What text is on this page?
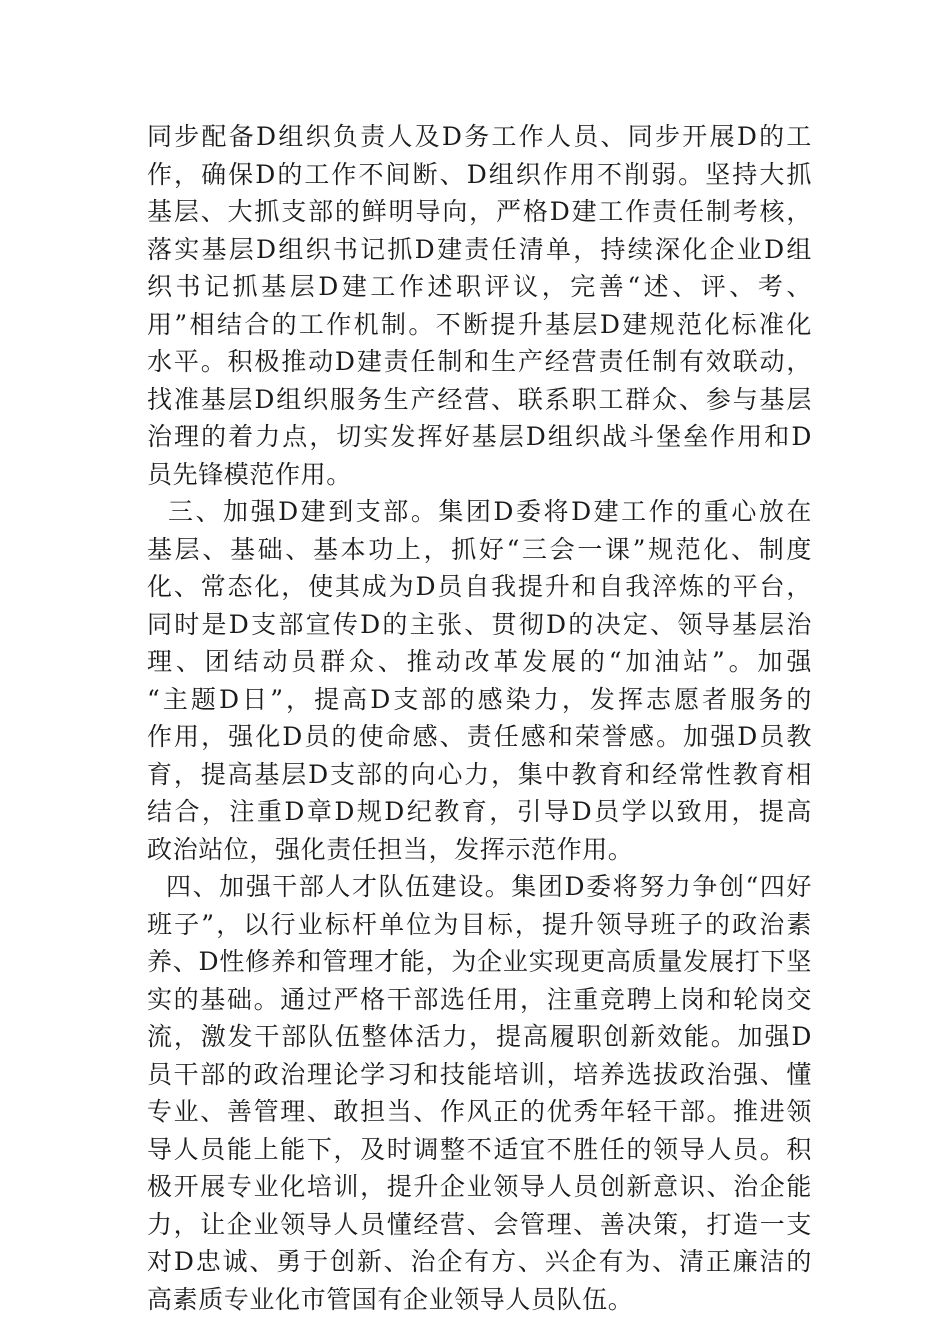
同步配备D组织负责人及D务工作人员、同步开展D的工
作，确保D的工作不间断、D组织作用不削弱。坚持大抓
基层、大抓支部的鲜明导向，严格D建工作责任制考核，
落实基层D组织书记抓D建责任清单，持续深化企业D组
织书记抓基层D建工作述职评议，完善“述、评、考、
用”相结合的工作机制。不断提升基层D建规范化标准化
水平。积极推动D建责任制和生产经营责任制有效联动，
找准基层D组织服务生产经营、联系职工群众、参与基层
治理的着力点，切实发挥好基层D组织战斗堡垒作用和D
员先锋模范作用。
三、加强D建到支部。集团D委将D建工作的重心放在
基层、基础、基本功上，抓好“三会一课”规范化、制度
化、常态化，使其成为D员自我提升和自我淬炼的平台，
同时是D支部宣传D的主张、贯彻D的决定、领导基层治
理、团结动员群众、推动改革发展的“加油站”。加强
“主题D日”，提高D支部的感染力，发挥志愿者服务的
作用，强化D员的使命感、责任感和荣誉感。加强D员教
育，提高基层D支部的向心力，集中教育和经常性教育相
结合，注重D章D规D纪教育，引导D员学以致用，提高
政治站位，强化责任担当，发挥示范作用。
四、加强干部人才队伍建设。集团D委将努力争创“四好
班子”，以行业标杆单位为目标，提升领导班子的政治素
养、D性修养和管理才能，为企业实现更高质量发展打下坚
实的基础。通过严格干部选任用，注重竞聘上岗和轮岗交
流，激发干部队伍整体活力，提高履职创新效能。加强D
员干部的政治理论学习和技能培训，培养选拔政治强、懂
专业、善管理、敢担当、作风正的优秀年轻干部。推进领
导人员能上能下，及时调整不适宜不胜任的领导人员。积
极开展专业化培训，提升企业领导人员创新意识、治企能
力，让企业领导人员懂经营、会管理、善决策，打造一支
对D忠诚、勇于创新、治企有方、兴企有为、清正廉洁的
高素质专业化市管国有企业领导人员队伍。
